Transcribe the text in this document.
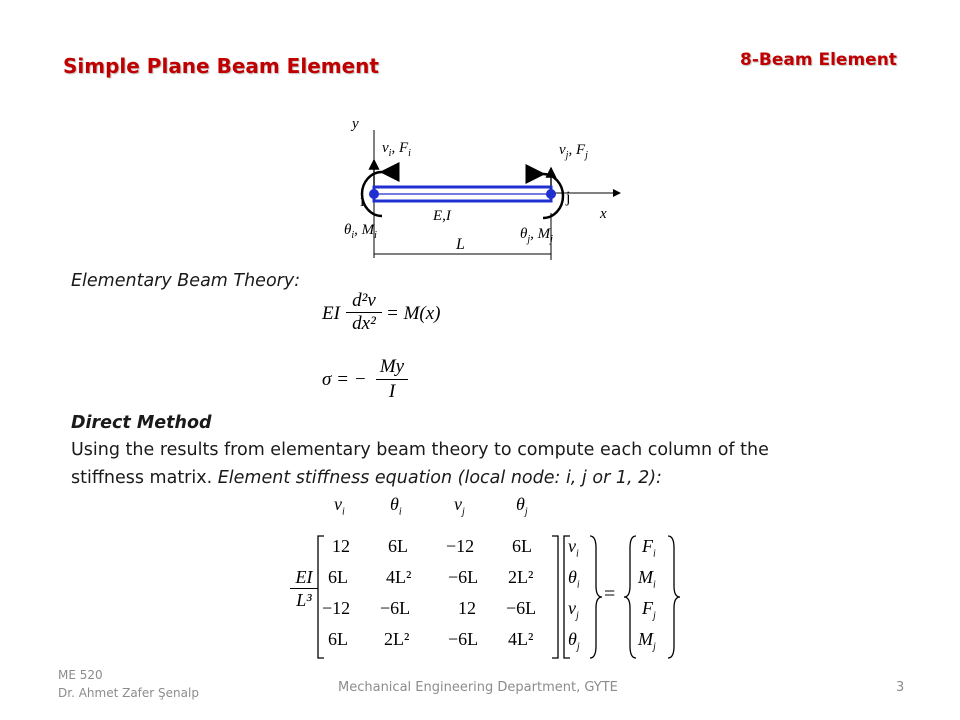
Simple Plane Beam Element	8-Beam Element
y
x
i	j
$v_i$, $F_i$	$v_j$, $F_j$
$\theta_i$, $M_i$	$\theta_j$, $M_j$
E,I
L
Elementary Beam Theory:
EI $\frac{\text{d²v}}{\text{dx²}} = M(x)$
σ = − $\frac{My}{I}$
Direct Method
Using the results from elementary beam theory to compute each column of the
stiffness matrix. Element stiffness equation (local node: i, j or 1, 2):
$v_i$	$\theta_i$	$v_j$	$\theta_j$
$\frac{EI}{\text{L³}}$
12 6L −12 6L
6L 4L² −6L 2L²
−12 −6L	12 −6L
6L 2L² −6L 4L²
$v_i$
$\theta_i$
$v_j$
$\theta_j$
=
$F_i$
$M_i$
$F_j$
$M_j$
ME 520
Dr. Ahmet Zafer Şenalp	Mechanical Engineering Department, GYTE	3
